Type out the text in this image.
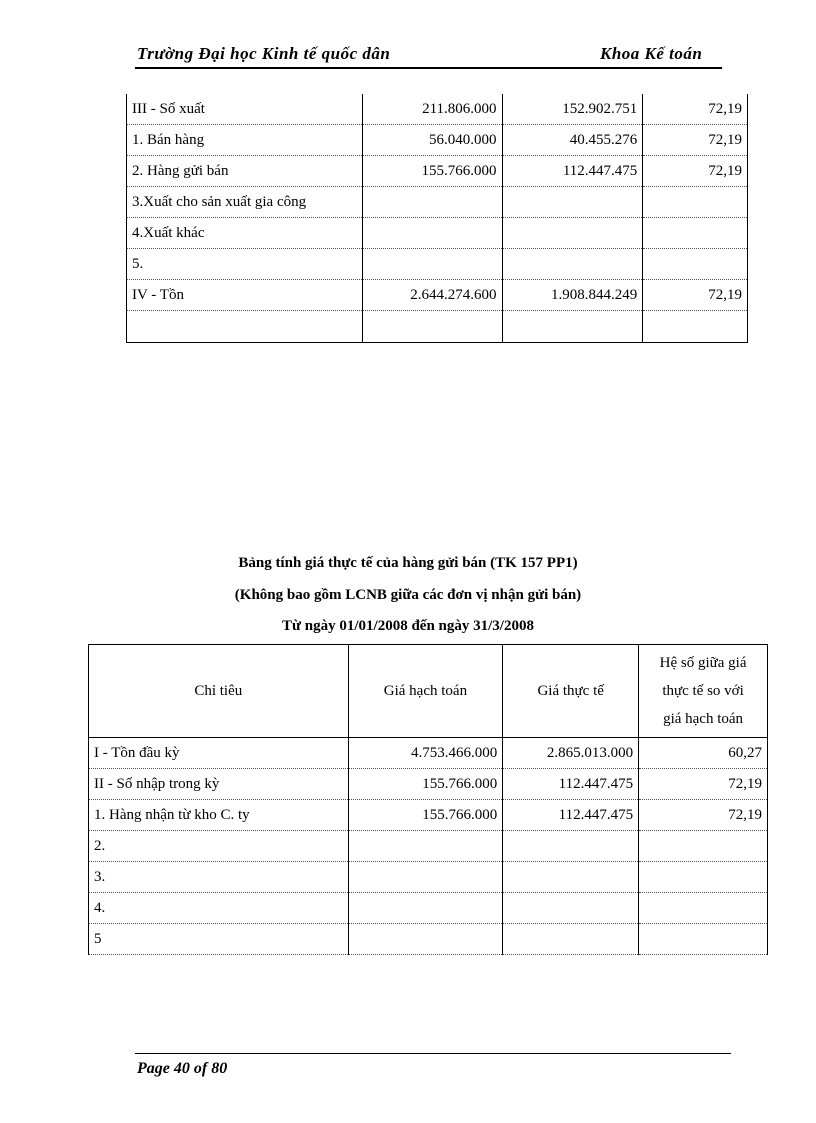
Trường Đại học Kinh tế quốc dân	Khoa Kế toán
III - Số xuất	211.806.000	152.902.751	72,19
1. Bán hàng	56.040.000	40.455.276	72,19
2. Hàng gửi bán	155.766.000	112.447.475	72,19
3.Xuất cho sản xuất gia công			
4.Xuất khác			
5.			
IV - Tồn	2.644.274.600	1.908.844.249	72,19

Bảng tính giá thực tế của hàng gửi bán (TK 157 PP1)
(Không bao gồm LCNB giữa các đơn vị nhận gửi bán)
Từ ngày 01/01/2008 đến ngày 31/3/2008
Chỉ tiêu	Giá hạch toán	Giá thực tế	Hệ số giữa giá
thực tế so với
giá hạch toán
I - Tồn đầu kỳ	4.753.466.000	2.865.013.000	60,27
II - Số nhập trong kỳ	155.766.000	112.447.475	72,19
1. Hàng nhận từ kho C. ty	155.766.000	112.447.475	72,19
2.			
3.			
4.			
5			
Page 40 of 80
